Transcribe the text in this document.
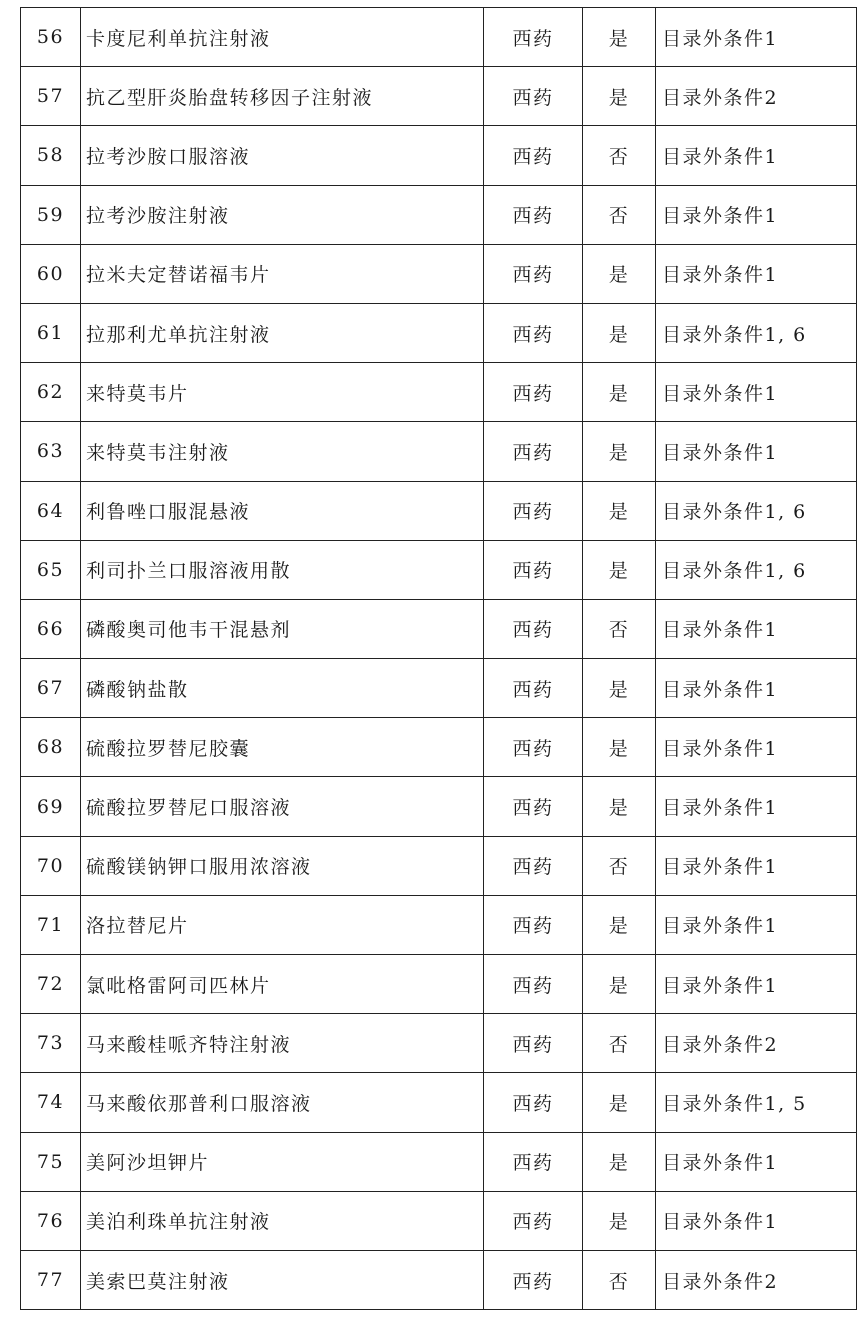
56	卡度尼利单抗注射液	西药	是	目录外条件1
57	抗乙型肝炎胎盘转移因子注射液	西药	是	目录外条件2
58	拉考沙胺口服溶液	西药	否	目录外条件1
59	拉考沙胺注射液	西药	否	目录外条件1
60	拉米夫定替诺福韦片	西药	是	目录外条件1
61	拉那利尤单抗注射液	西药	是	目录外条件1, 6
62	来特莫韦片	西药	是	目录外条件1
63	来特莫韦注射液	西药	是	目录外条件1
64	利鲁唑口服混悬液	西药	是	目录外条件1, 6
65	利司扑兰口服溶液用散	西药	是	目录外条件1, 6
66	磷酸奥司他韦干混悬剂	西药	否	目录外条件1
67	磷酸钠盐散	西药	是	目录外条件1
68	硫酸拉罗替尼胶囊	西药	是	目录外条件1
69	硫酸拉罗替尼口服溶液	西药	是	目录外条件1
70	硫酸镁钠钾口服用浓溶液	西药	否	目录外条件1
71	洛拉替尼片	西药	是	目录外条件1
72	氯吡格雷阿司匹林片	西药	是	目录外条件1
73	马来酸桂哌齐特注射液	西药	否	目录外条件2
74	马来酸依那普利口服溶液	西药	是	目录外条件1, 5
75	美阿沙坦钾片	西药	是	目录外条件1
76	美泊利珠单抗注射液	西药	是	目录外条件1
77	美索巴莫注射液	西药	否	目录外条件2
